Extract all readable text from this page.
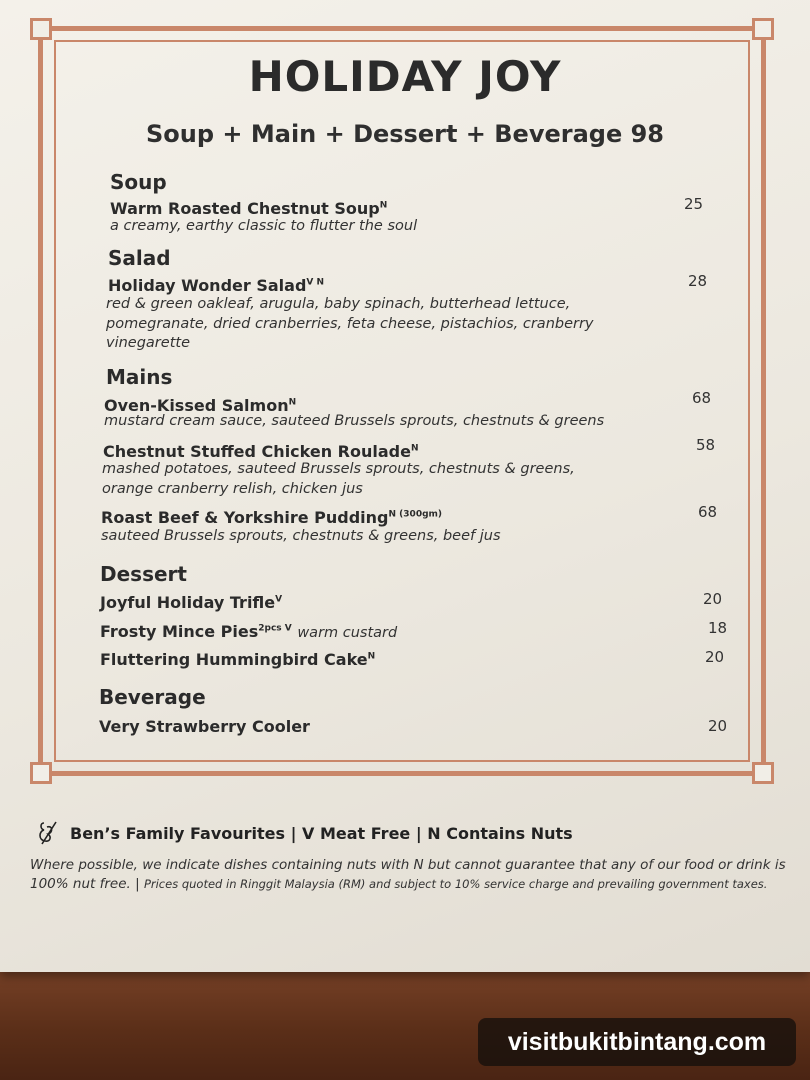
HOLIDAY JOY
Soup + Main + Dessert + Beverage 98
Soup
Warm Roasted Chestnut Soup$^N$
a creamy, earthy classic to flutter the soul
25
Salad
Holiday Wonder Salad$^{V N}$
red & green oakleaf, arugula, baby spinach, butterhead lettuce,
pomegranate, dried cranberries, feta cheese, pistachios, cranberry
vinegarette
28
Mains
Oven-Kissed Salmon$^N$
mustard cream sauce, sauteed Brussels sprouts, chestnuts & greens
68
Chestnut Stuffed Chicken Roulade$^N$
mashed potatoes, sauteed Brussels sprouts, chestnuts & greens,
orange cranberry relish, chicken jus
58
Roast Beef & Yorkshire Pudding$^{N (300gm)}$
sauteed Brussels sprouts, chestnuts & greens, beef jus
68
Dessert
Joyful Holiday Trifle$^V$	20
Frosty Mince Pies$^{2pcs V}$ warm custard	18
Fluttering Hummingbird Cake$^N$	20
Beverage
Very Strawberry Cooler	20
Ben’s Family Favourites | V Meat Free | N Contains Nuts
Where possible, we indicate dishes containing nuts with N but cannot guarantee that any of our food or drink is 100% nut free. | Prices quoted in Ringgit Malaysia (RM) and subject to 10% service charge and prevailing government taxes.
visitbukitbintang.com
